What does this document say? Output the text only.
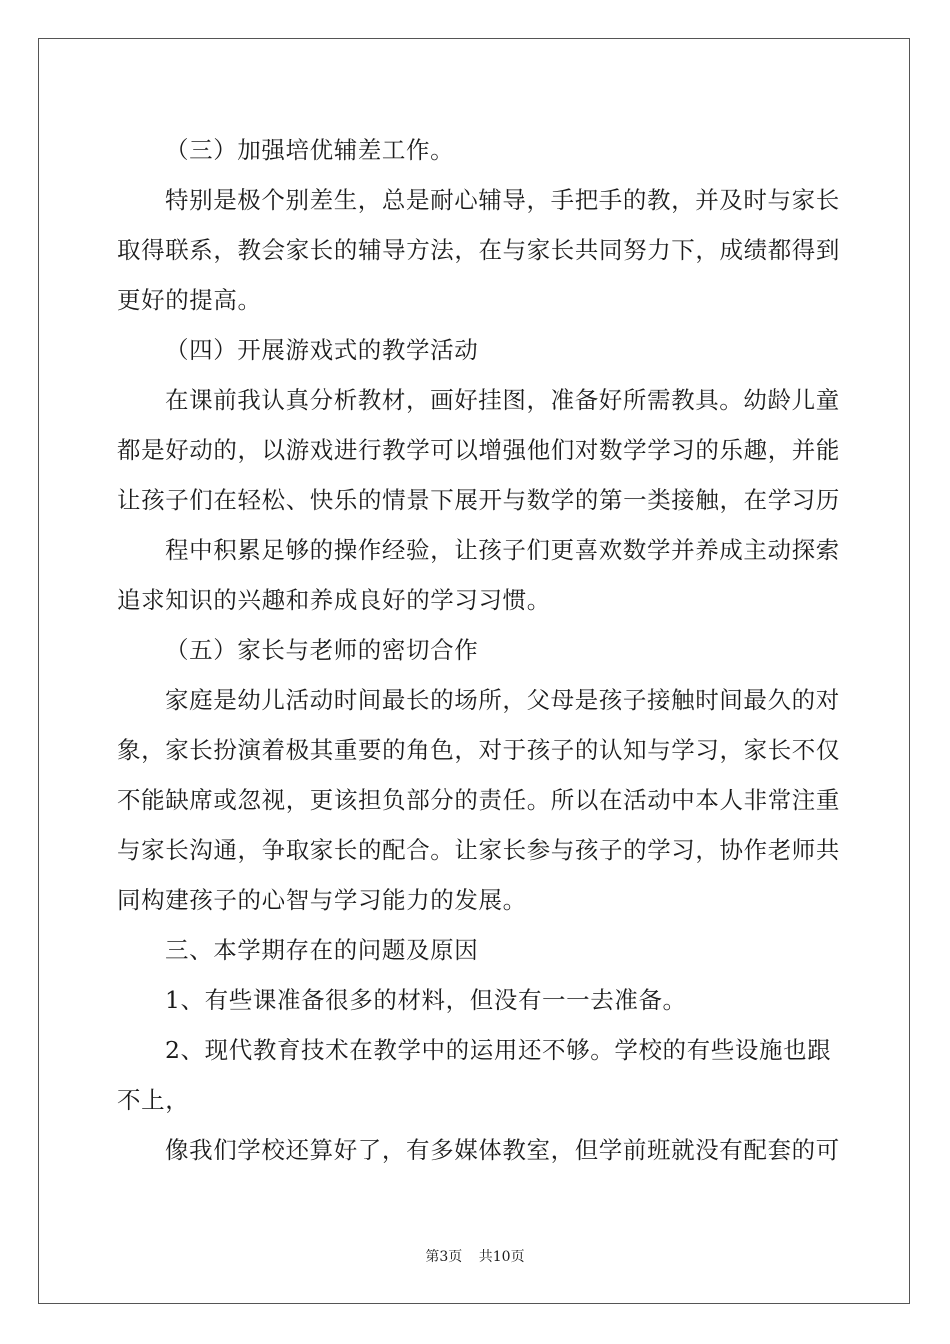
（三）加强培优辅差工作。
特别是极个别差生，总是耐心辅导，手把手的教，并及时与家长
取得联系，教会家长的辅导方法，在与家长共同努力下，成绩都得到
更好的提高。
（四）开展游戏式的教学活动
在课前我认真分析教材，画好挂图，准备好所需教具。幼龄儿童
都是好动的，以游戏进行教学可以增强他们对数学学习的乐趣，并能
让孩子们在轻松、快乐的情景下展开与数学的第一类接触，在学习历
程中积累足够的操作经验，让孩子们更喜欢数学并养成主动探索
追求知识的兴趣和养成良好的学习习惯。
（五）家长与老师的密切合作
家庭是幼儿活动时间最长的场所，父母是孩子接触时间最久的对
象，家长扮演着极其重要的角色，对于孩子的认知与学习，家长不仅
不能缺席或忽视，更该担负部分的责任。所以在活动中本人非常注重
与家长沟通，争取家长的配合。让家长参与孩子的学习，协作老师共
同构建孩子的心智与学习能力的发展。
三、本学期存在的问题及原因
1、有些课准备很多的材料，但没有一一去准备。
2、现代教育技术在教学中的运用还不够。学校的有些设施也跟
不上，
像我们学校还算好了，有多媒体教室，但学前班就没有配套的可
第3页 共10页
